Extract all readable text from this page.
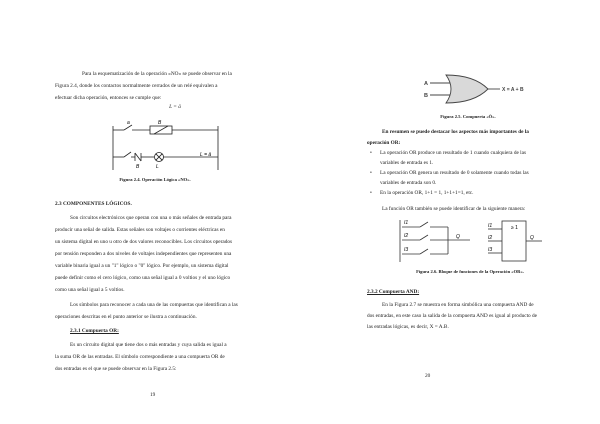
Para la esquematización de la operación «NO» se puede observar en la
Figura 2.4, donde los contactos normalmente cerrados de un relé equivalen a
efectuar dicha operación, entonces se cumple que:
L = ā
a	B
B	L
L = ā
Figura 2.4. Operación Lógica «NO».
2.3 COMPONENTES LÓGICOS.
Son circuitos electrónicos que operan con una o más señales de entrada para
producir una señal de salida. Estas señales son voltajes o corrientes eléctricas en
un sistema digital en uno u otro de dos valores reconocibles. Los circuitos operados
por tensión responden a dos niveles de voltajes independientes que representen una
variable binaria igual a un "1" lógico o "0" lógico. Por ejemplo, un sistema digital
puede definir como el cero lógico, como una señal igual a 0 voltios y el uno lógico
como una señal igual a 5 voltios.
Los símbolos para reconocer a cada una de las compuertas que identifican a las
operaciones descritas en el punto anterior se ilustra a continuación.
2.3.1 Compuerta OR:
Es un circuito digital que tiene dos o más entradas y cuya salida es igual a
la suma OR de las entradas. El símbolo correspondiente a una compuerta OR de
dos entradas es el que se puede observar en la Figura 2.5:
19
A
B
X = A + B
Figura 2.5. Compuerta «Ö».
En resumen se puede destacar los aspectos más importantes de la
operación OR:
• La operación OR produce un resultado de 1 cuando cualquiera de las
variables de entrada es 1.
• La operación OR genera un resultado de 0 solamente cuando todas las
variables de entrada son 0.
• En la operación OR, 1+1 = 1, 1+1+1=1, etc.
La función OR también se puede identificar de la siguiente manera:
I1
I2
I3
Q
I1
I2
I3
≥ 1
Q
Figura 2.6. Bloque de funciones de la Operación «OR».
2.3.2 Compuerta AND:
En la Figura 2.7 se muestra en forma simbólica una compuerta AND de
dos entradas, en este caso la salida de la compuerta AND es igual al producto de
las entradas lógicas, es decir, X = A.B.
20
